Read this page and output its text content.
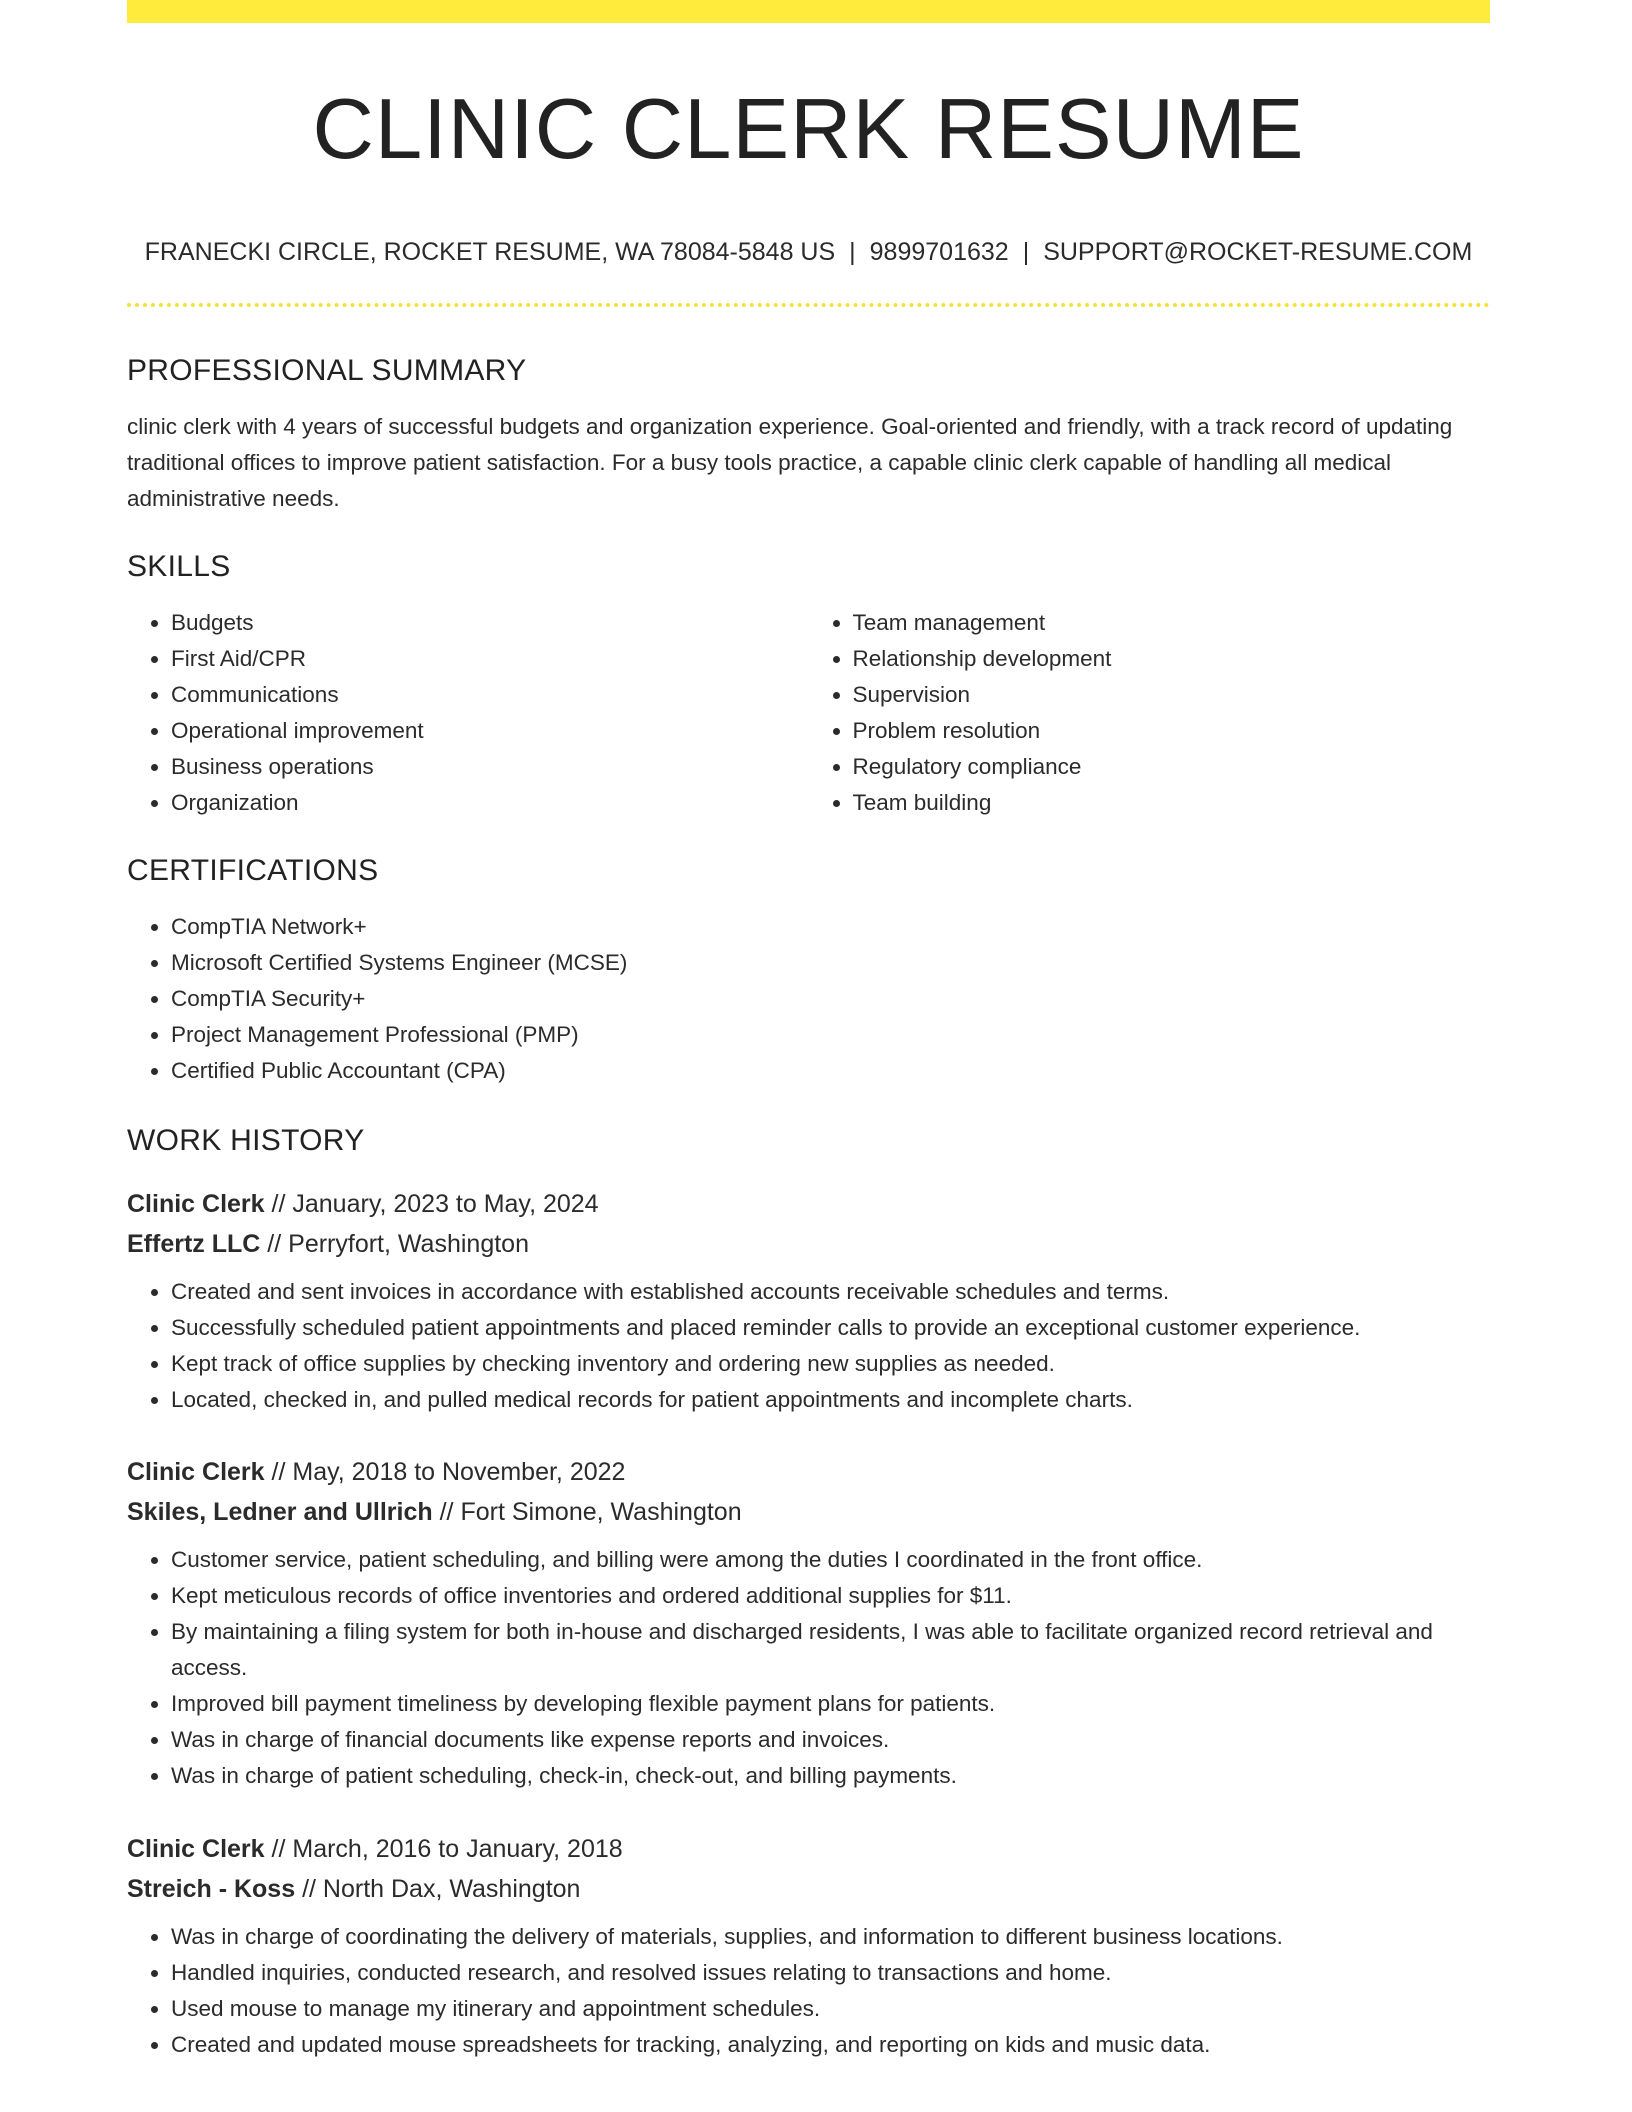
CLINIC CLERK RESUME
FRANECKI CIRCLE, ROCKET RESUME, WA 78084-5848 US | 9899701632 | SUPPORT@ROCKET-RESUME.COM
PROFESSIONAL SUMMARY

clinic clerk with 4 years of successful budgets and organization experience. Goal-oriented and friendly, with a track record of updating traditional offices to improve patient satisfaction. For a busy tools practice, a capable clinic clerk capable of handling all medical administrative needs.

SKILLS
• Budgets
• First Aid/CPR
• Communications
• Operational improvement
• Business operations
• Organization
• Team management
• Relationship development
• Supervision
• Problem resolution
• Regulatory compliance
• Team building
CERTIFICATIONS
• CompTIA Network+
• Microsoft Certified Systems Engineer (MCSE)
• CompTIA Security+
• Project Management Professional (PMP)
• Certified Public Accountant (CPA)
WORK HISTORY
Clinic Clerk // January, 2023 to May, 2024
Effertz LLC // Perryfort, Washington
• Created and sent invoices in accordance with established accounts receivable schedules and terms.
• Successfully scheduled patient appointments and placed reminder calls to provide an exceptional customer experience.
• Kept track of office supplies by checking inventory and ordering new supplies as needed.
• Located, checked in, and pulled medical records for patient appointments and incomplete charts.
Clinic Clerk // May, 2018 to November, 2022
Skiles, Ledner and Ullrich // Fort Simone, Washington
• Customer service, patient scheduling, and billing were among the duties I coordinated in the front office.
• Kept meticulous records of office inventories and ordered additional supplies for $11.
• By maintaining a filing system for both in-house and discharged residents, I was able to facilitate organized record retrieval and access.
• Improved bill payment timeliness by developing flexible payment plans for patients.
• Was in charge of financial documents like expense reports and invoices.
• Was in charge of patient scheduling, check-in, check-out, and billing payments.
Clinic Clerk // March, 2016 to January, 2018
Streich - Koss // North Dax, Washington
• Was in charge of coordinating the delivery of materials, supplies, and information to different business locations.
• Handled inquiries, conducted research, and resolved issues relating to transactions and home.
• Used mouse to manage my itinerary and appointment schedules.
• Created and updated mouse spreadsheets for tracking, analyzing, and reporting on kids and music data.
